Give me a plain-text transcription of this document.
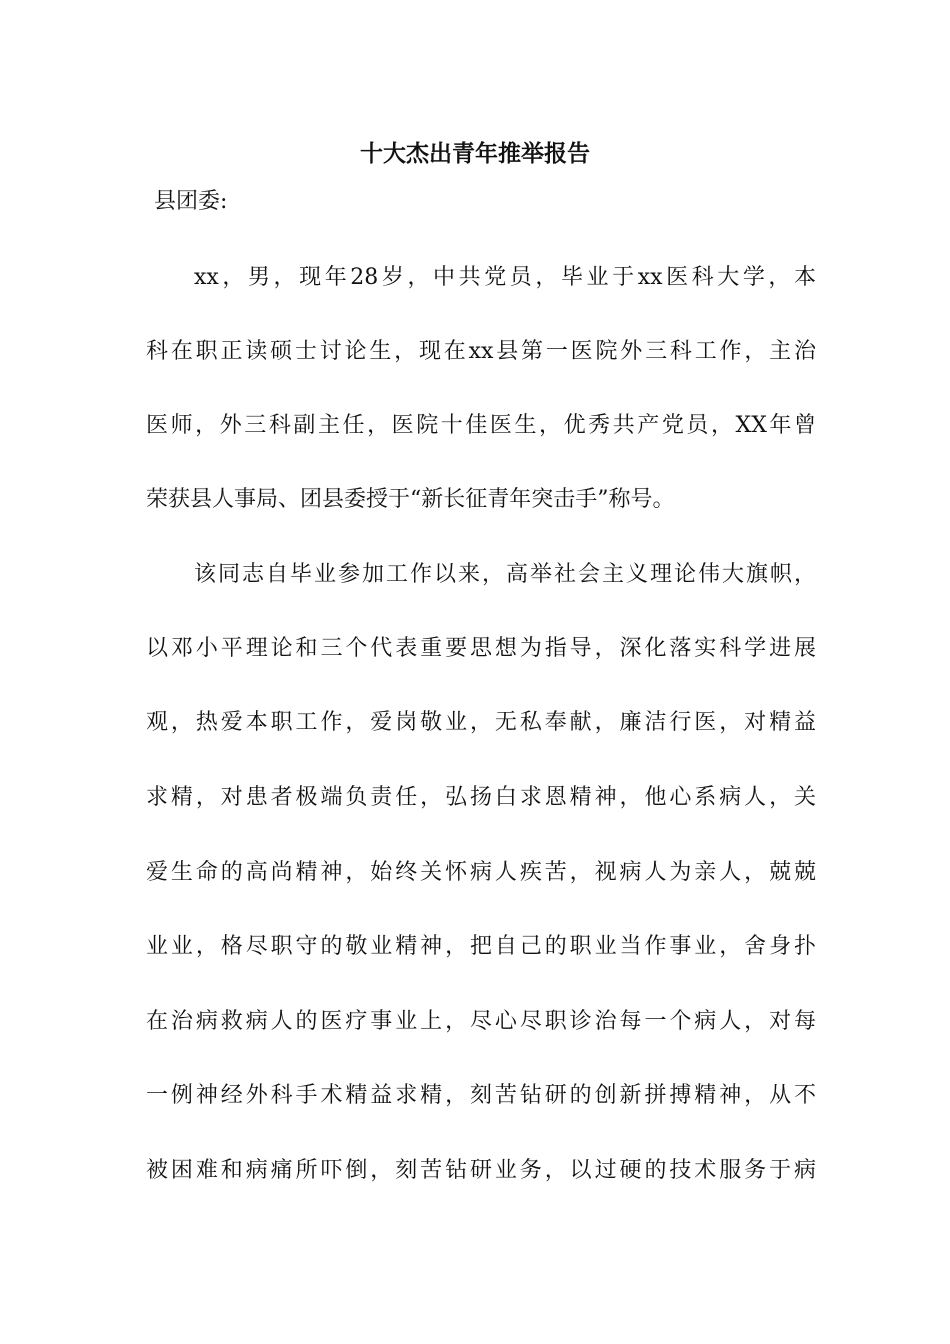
十大杰出青年推举报告
县团委:
xx，男，现年28岁，中共党员，毕业于xx医科大学，本
科在职正读硕士讨论生，现在xx县第一医院外三科工作，主治
医师，外三科副主任，医院十佳医生，优秀共产党员，XX年曾
荣获县人事局、团县委授于“新长征青年突击手”称号。
该同志自毕业参加工作以来，高举社会主义理论伟大旗帜，
以邓小平理论和三个代表重要思想为指导，深化落实科学进展
观，热爱本职工作，爱岗敬业，无私奉献，廉洁行医，对精益
求精，对患者极端负责任，弘扬白求恩精神，他心系病人，关
爱生命的高尚精神，始终关怀病人疾苦，视病人为亲人，兢兢
业业，格尽职守的敬业精神，把自己的职业当作事业，舍身扑
在治病救病人的医疗事业上，尽心尽职诊治每一个病人，对每
一例神经外科手术精益求精，刻苦钻研的创新拼搏精神，从不
被困难和病痛所吓倒，刻苦钻研业务，以过硬的技术服务于病
